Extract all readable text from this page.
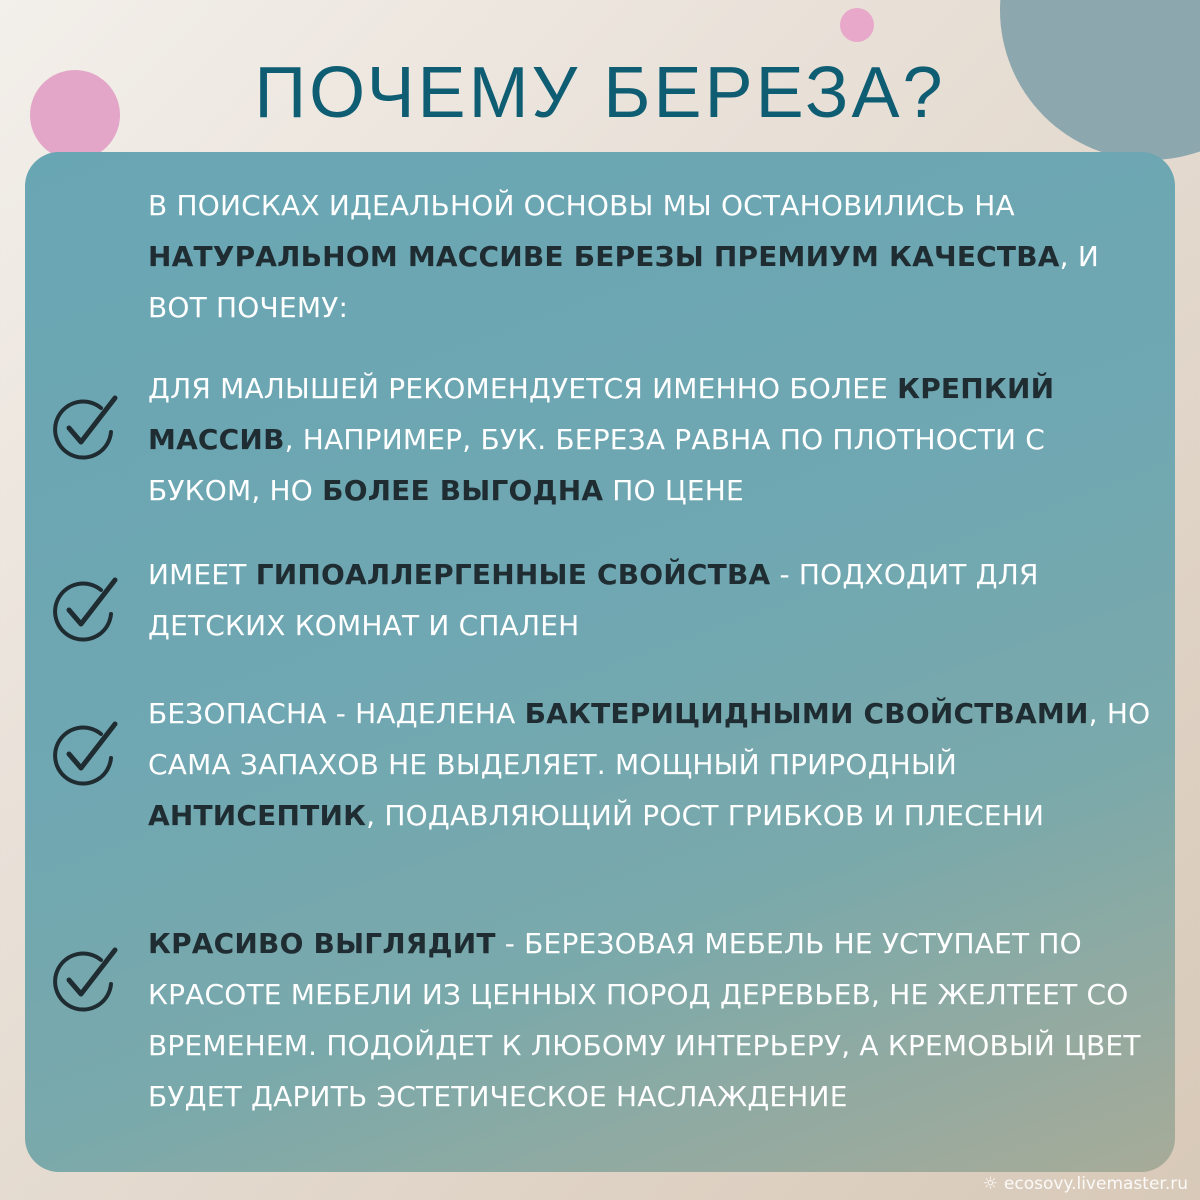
ПОЧЕМУ БЕРЕЗА?
В ПОИСКАХ ИДЕАЛЬНОЙ ОСНОВЫ МЫ ОСТАНОВИЛИСЬ НА НАТУРАЛЬНОМ МАССИВЕ БЕРЕЗЫ ПРЕМИУМ КАЧЕСТВА, И ВОТ ПОЧЕМУ:
ДЛЯ МАЛЫШЕЙ РЕКОМЕНДУЕТСЯ ИМЕННО БОЛЕЕ КРЕПКИЙ МАССИВ, НАПРИМЕР, БУК. БЕРЕЗА РАВНА ПО ПЛОТНОСТИ С БУКОМ, НО БОЛЕЕ ВЫГОДНА ПО ЦЕНЕ
ИМЕЕТ ГИПОАЛЛЕРГЕННЫЕ СВОЙСТВА - ПОДХОДИТ ДЛЯ ДЕТСКИХ КОМНАТ И СПАЛЕН
БЕЗОПАСНА - НАДЕЛЕНА БАКТЕРИЦИДНЫМИ СВОЙСТВАМИ, НО САМА ЗАПАХОВ НЕ ВЫДЕЛЯЕТ. МОЩНЫЙ ПРИРОДНЫЙ АНТИСЕПТИК, ПОДАВЛЯЮЩИЙ РОСТ ГРИБКОВ И ПЛЕСЕНИ
КРАСИВО ВЫГЛЯДИТ - БЕРЕЗОВАЯ МЕБЕЛЬ НЕ УСТУПАЕТ ПО КРАСОТЕ МЕБЕЛИ ИЗ ЦЕННЫХ ПОРОД ДЕРЕВЬЕВ, НЕ ЖЕЛТЕЕТ СО ВРЕМЕНЕМ. ПОДОЙДЕТ К ЛЮБОМУ ИНТЕРЬЕРУ, А КРЕМОВЫЙ ЦВЕТ БУДЕТ ДАРИТЬ ЭСТЕТИЧЕСКОЕ НАСЛАЖДЕНИЕ
☼ ecosovy.livemaster.ru
